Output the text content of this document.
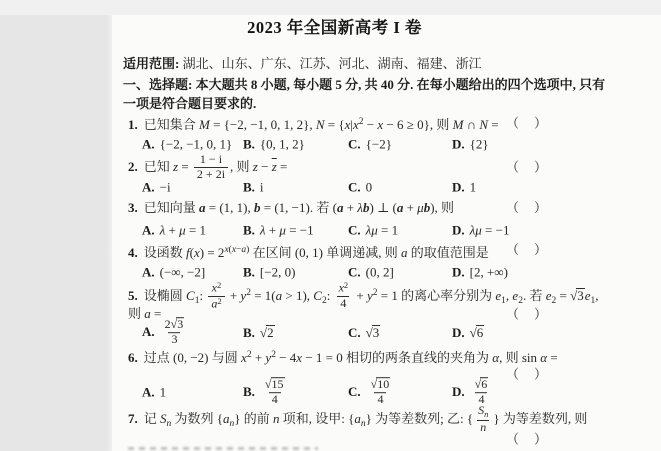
2023 年全国新高考 I 卷
适用范围: 湖北、山东、广东、江苏、河北、湖南、福建、浙江
一、选择题: 本大题共 8 小题, 每小题 5 分, 共 40 分. 在每小题给出的四个选项中, 只有
一项是符合题目要求的.
1. 已知集合 M = {−2, −1, 0, 1, 2}, $N = \{x|x^2 - x - 6 \ge 0\}$, 则 M ∩ N = （　）
A. {−2, −1, 0, 1} B. {0, 1, 2}	C. {−2}	D. {2}
2. 已知 $z = \frac{1 - i}{2 + 2i}$ , 则 $z - \overline{z}$ =	（　）
A. −i	B. i	C. 0	D. 1
3. 已知向量 a = (1, 1), b = (1, −1). 若 (a + λb) ⊥ (a + μb), 则	（　）
A. λ + μ = 1	B. λ + μ = −1	C. λμ = 1	D. λμ = −1
4. 设函数 $f(x) = 2^{x(x-a)}$ 在区间 (0, 1) 单调递减, 则 a 的取值范围是 （　）
A. (−∞, −2]	B. [−2, 0)	C. (0, 2]	D. [2, +∞)
5. 设椭圆 $C_1$: $\frac{x^2}{a^2} + y^2 = 1(a > 1)$, $C_2$: $\frac{x^2}{4} + y^2 = 1$ 的离心率分别为 $e_1$, $e_2$. 若 $e_2 = √3e_1$,
则 a =	（　）
A. $\frac{2√3}{3}$	B. √2	C. √3	D. √6
6. 过点 (0, −2) 与圆 $x^2 + y^2 - 4x - 1 = 0$ 相切的两条直线的夹角为 α, 则 sin α =
（　）
A. 1	B. $\frac{√15}{4}$	C. $\frac{√10}{4}$	D. $\frac{√6}{4}$
7. 记 $S_n$ 为数列 $\{a_n\}$ 的前 n 项和, 设甲: $\{a_n\}$ 为等差数列; 乙: { $\frac{S_n}{n}$ } 为等差数列, 则
（　）
